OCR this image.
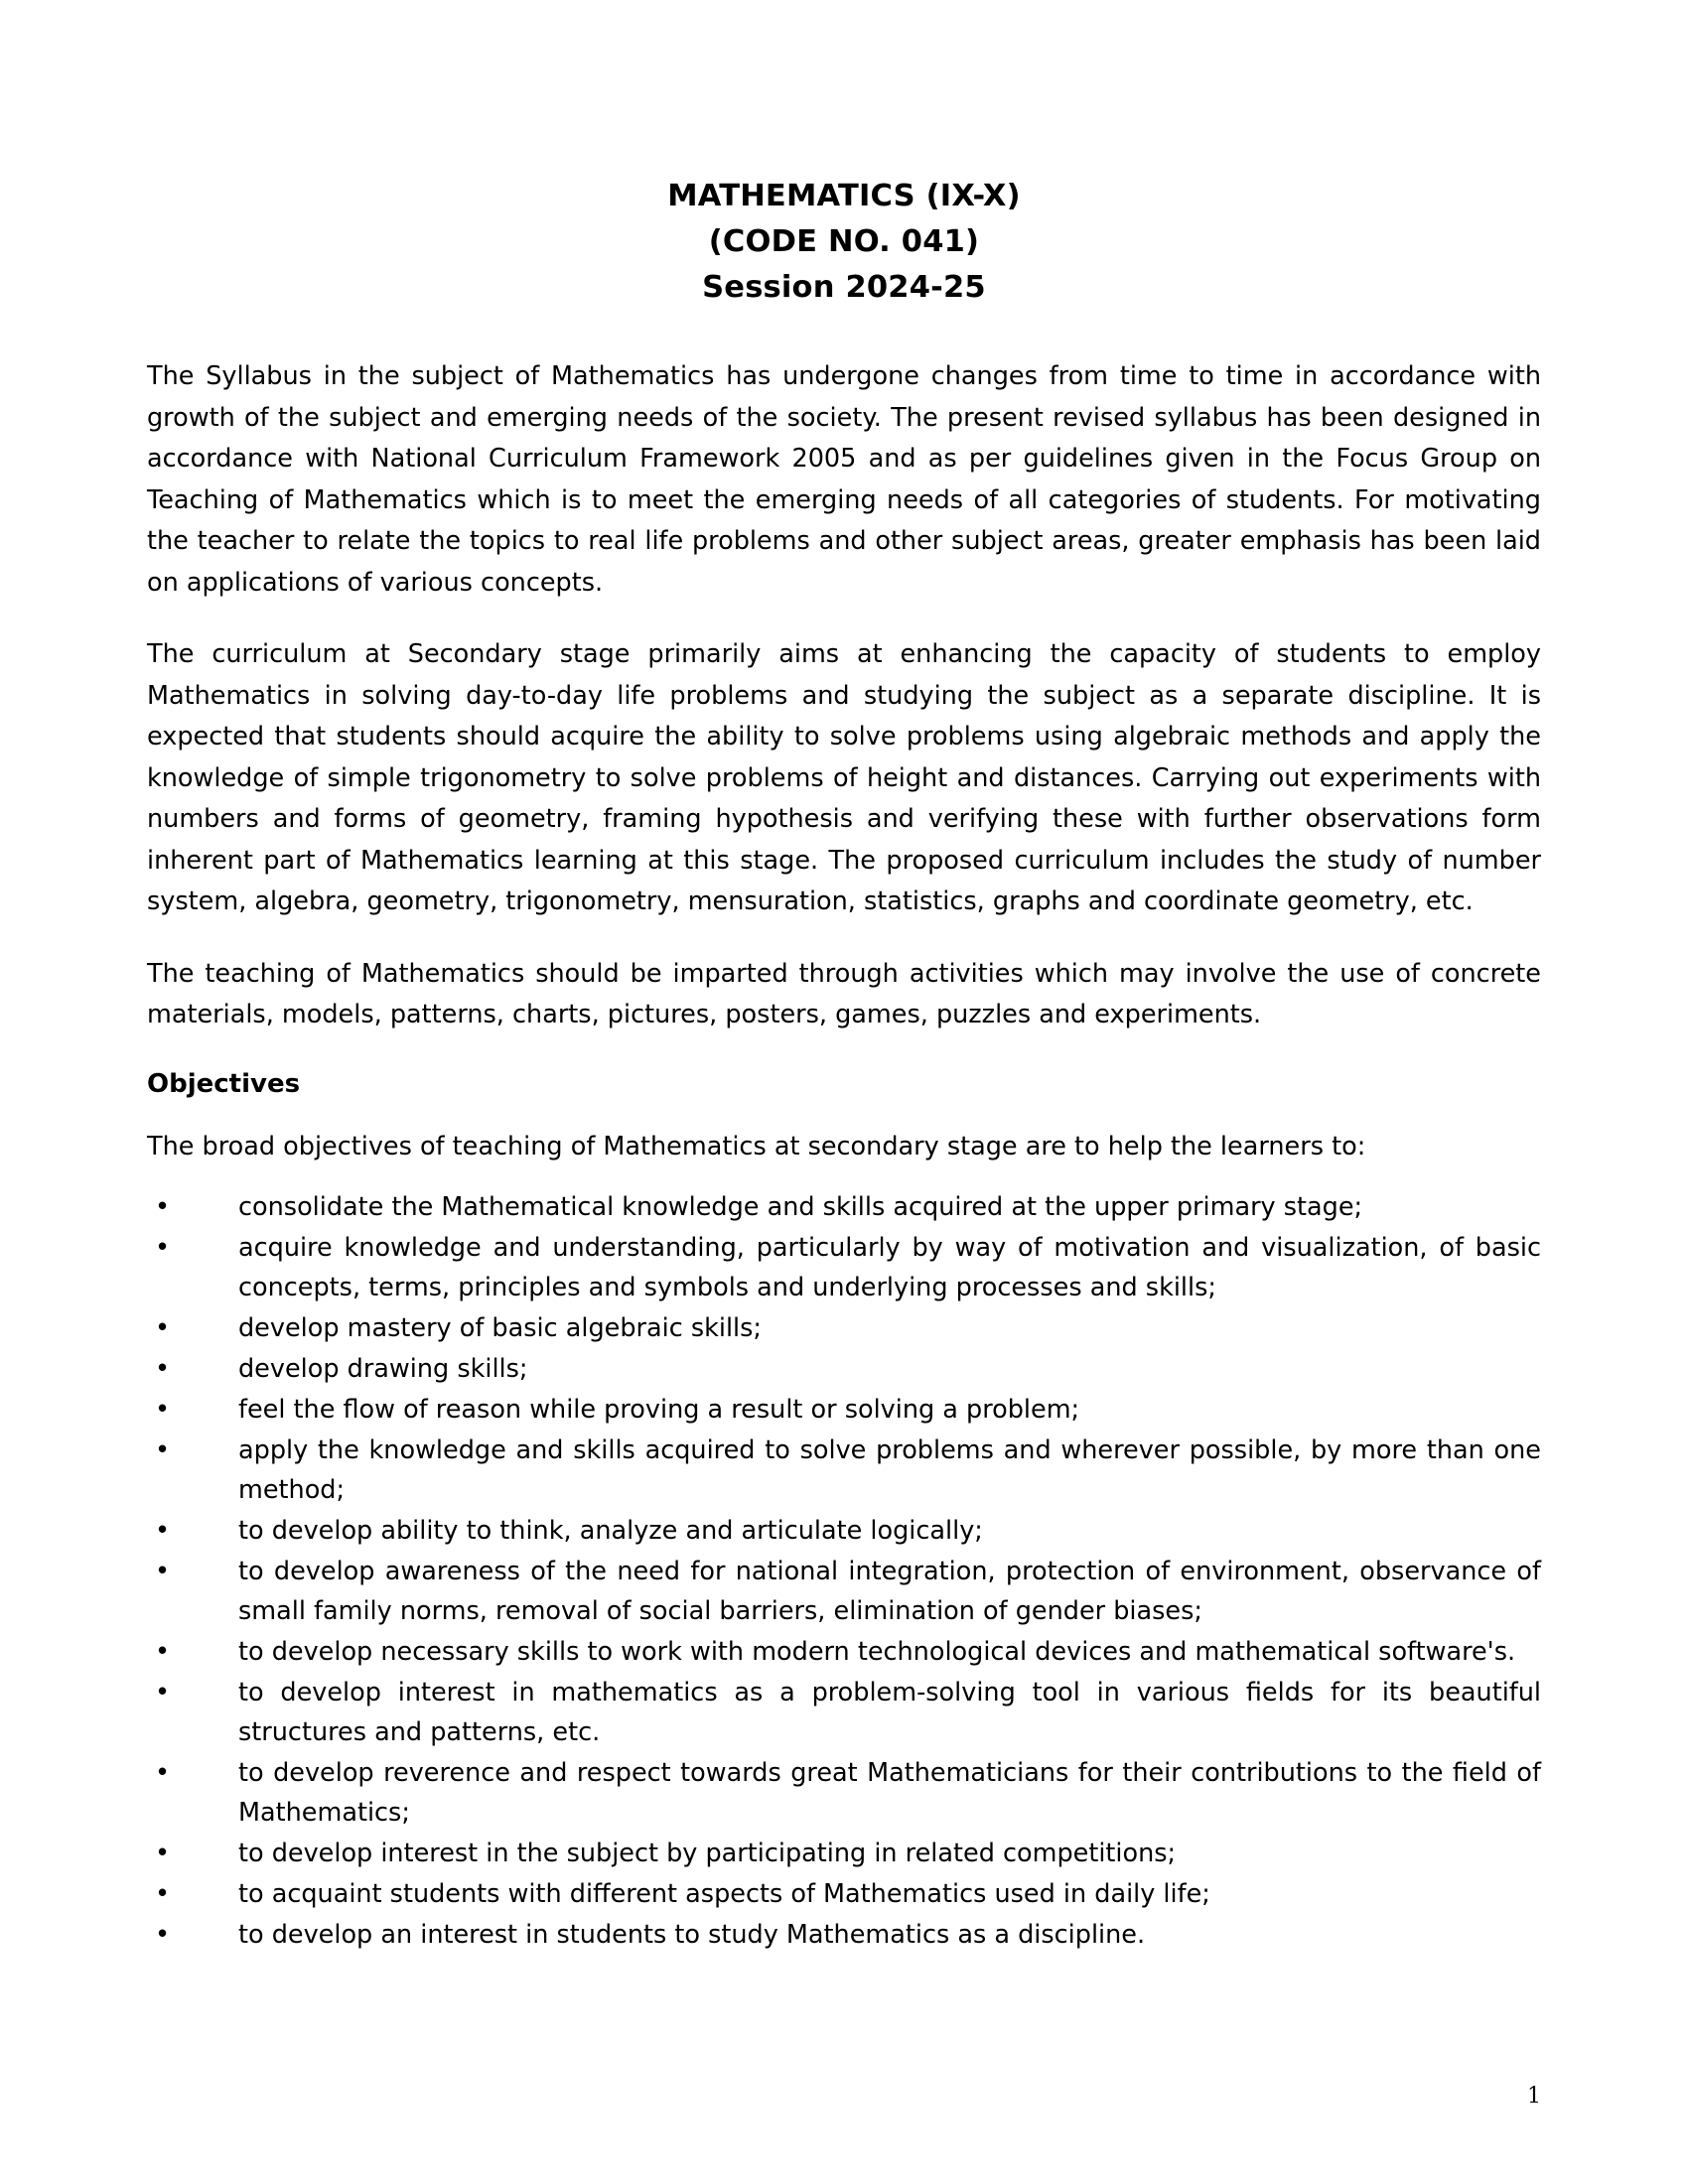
MATHEMATICS (IX-X)
(CODE NO. 041)
Session 2024-25

The Syllabus in the subject of Mathematics has undergone changes from time to time in accordance with growth of the subject and emerging needs of the society. The present revised syllabus has been designed in accordance with National Curriculum Framework 2005 and as per guidelines given in the Focus Group on Teaching of Mathematics which is to meet the emerging needs of all categories of students. For motivating the teacher to relate the topics to real life problems and other subject areas, greater emphasis has been laid on applications of various concepts.

The curriculum at Secondary stage primarily aims at enhancing the capacity of students to employ Mathematics in solving day-to-day life problems and studying the subject as a separate discipline. It is expected that students should acquire the ability to solve problems using algebraic methods and apply the knowledge of simple trigonometry to solve problems of height and distances. Carrying out experiments with numbers and forms of geometry, framing hypothesis and verifying these with further observations form inherent part of Mathematics learning at this stage. The proposed curriculum includes the study of number system, algebra, geometry, trigonometry, mensuration, statistics, graphs and coordinate geometry, etc.

The teaching of Mathematics should be imparted through activities which may involve the use of concrete materials, models, patterns, charts, pictures, posters, games, puzzles and experiments.

Objectives

The broad objectives of teaching of Mathematics at secondary stage are to help the learners to:

•	consolidate the Mathematical knowledge and skills acquired at the upper primary stage;
•	acquire knowledge and understanding, particularly by way of motivation and visualization, of basic concepts, terms, principles and symbols and underlying processes and skills;
•	develop mastery of basic algebraic skills;
•	develop drawing skills;
•	feel the flow of reason while proving a result or solving a problem;
•	apply the knowledge and skills acquired to solve problems and wherever possible, by more than one method;
•	to develop ability to think, analyze and articulate logically;
•	to develop awareness of the need for national integration, protection of environment, observance of small family norms, removal of social barriers, elimination of gender biases;
•	to develop necessary skills to work with modern technological devices and mathematical software's.
•	to develop interest in mathematics as a problem-solving tool in various fields for its beautiful structures and patterns, etc.
•	to develop reverence and respect towards great Mathematicians for their contributions to the field of Mathematics;
•	to develop interest in the subject by participating in related competitions;
•	to acquaint students with different aspects of Mathematics used in daily life;
•	to develop an interest in students to study Mathematics as a discipline.
1
